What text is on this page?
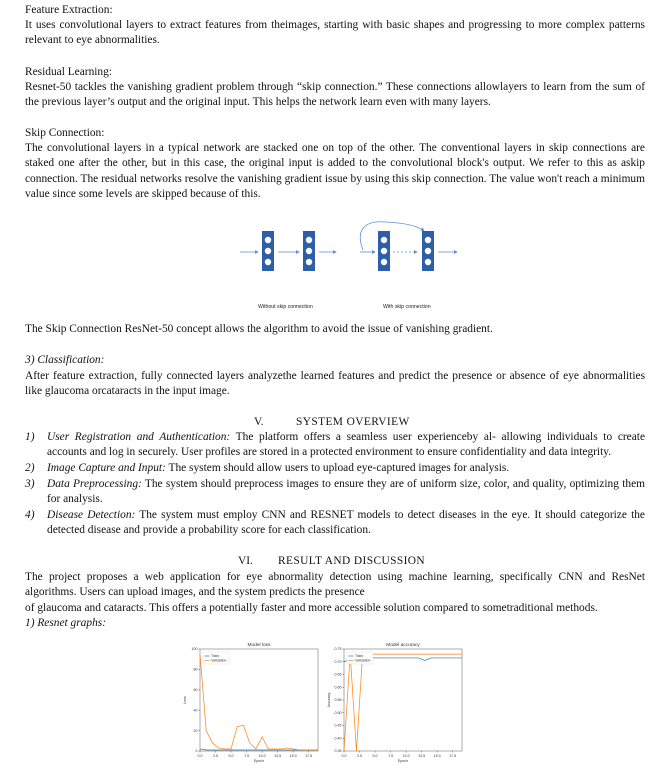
Feature Extraction:
It uses convolutional layers to extract features from theimages, starting with basic shapes and progressing to more complex patterns relevant to eye abnormalities.
Residual Learning:
Resnet-50 tackles the vanishing gradient problem through “skip connection.” These connections allowlayers to learn from the sum of the previous layer’s output and the original input. This helps the network learn even with many layers.
Skip Connection:
The convolutional layers in a typical network are stacked one on top of the other. The conventional layers in skip connections are staked one after the other, but in this case, the original input is added to the convolutional block's output. We refer to this as askip connection. The residual networks resolve the vanishing gradient issue by using this skip connection. The value won't reach a minimum value since some levels are skipped because of this.
Without skip connection	With skip connection
The Skip Connection ResNet-50 concept allows the algorithm to avoid the issue of vanishing gradient.
3) Classification:
After feature extraction, fully connected layers analyzethe learned features and predict the presence or absence of eye abnormalities like glaucoma orcataracts in the input image.
V.	SYSTEM OVERVIEW
1) User Registration and Authentication: The platform offers a seamless user experienceby al- allowing individuals to create accounts and log in securely. User profiles are stored in a protected environment to ensure confidentiality and data integrity.
2) Image Capture and Input: The system should allow users to upload eye-captured images for analysis.
3) Data Preprocessing: The system should preprocess images to ensure they are of uniform size, color, and quality, optimizing them for analysis.
4) Disease Detection: The system must employ CNN and RESNET models to detect diseases in the eye. It should categorize the detected disease and provide a probability score for each classification.
VI. RESULT AND DISCUSSION
The project proposes a web application for eye abnormality detection using machine learning, specifically CNN and ResNet algorithms. Users can upload images, and the system predicts the presence
of glaucoma and cataracts. This offers a potentially faster and more accessible solution compared to sometraditional methods.
1) Resnet graphs:
Model loss
0
20
40
60
80
100
0.0	2.5	5.0	7.5	10.0 12.5 15.0 17.5
Epoch
Loss
Train
Validation
Model accuracy
0.35
0.40
0.45
0.50
0.55
0.60
0.65
0.70
0.75
0.0	2.5	5.0	7.5	10.0 12.5 15.0 17.5
Epoch
Accuracy
Train
Validation
